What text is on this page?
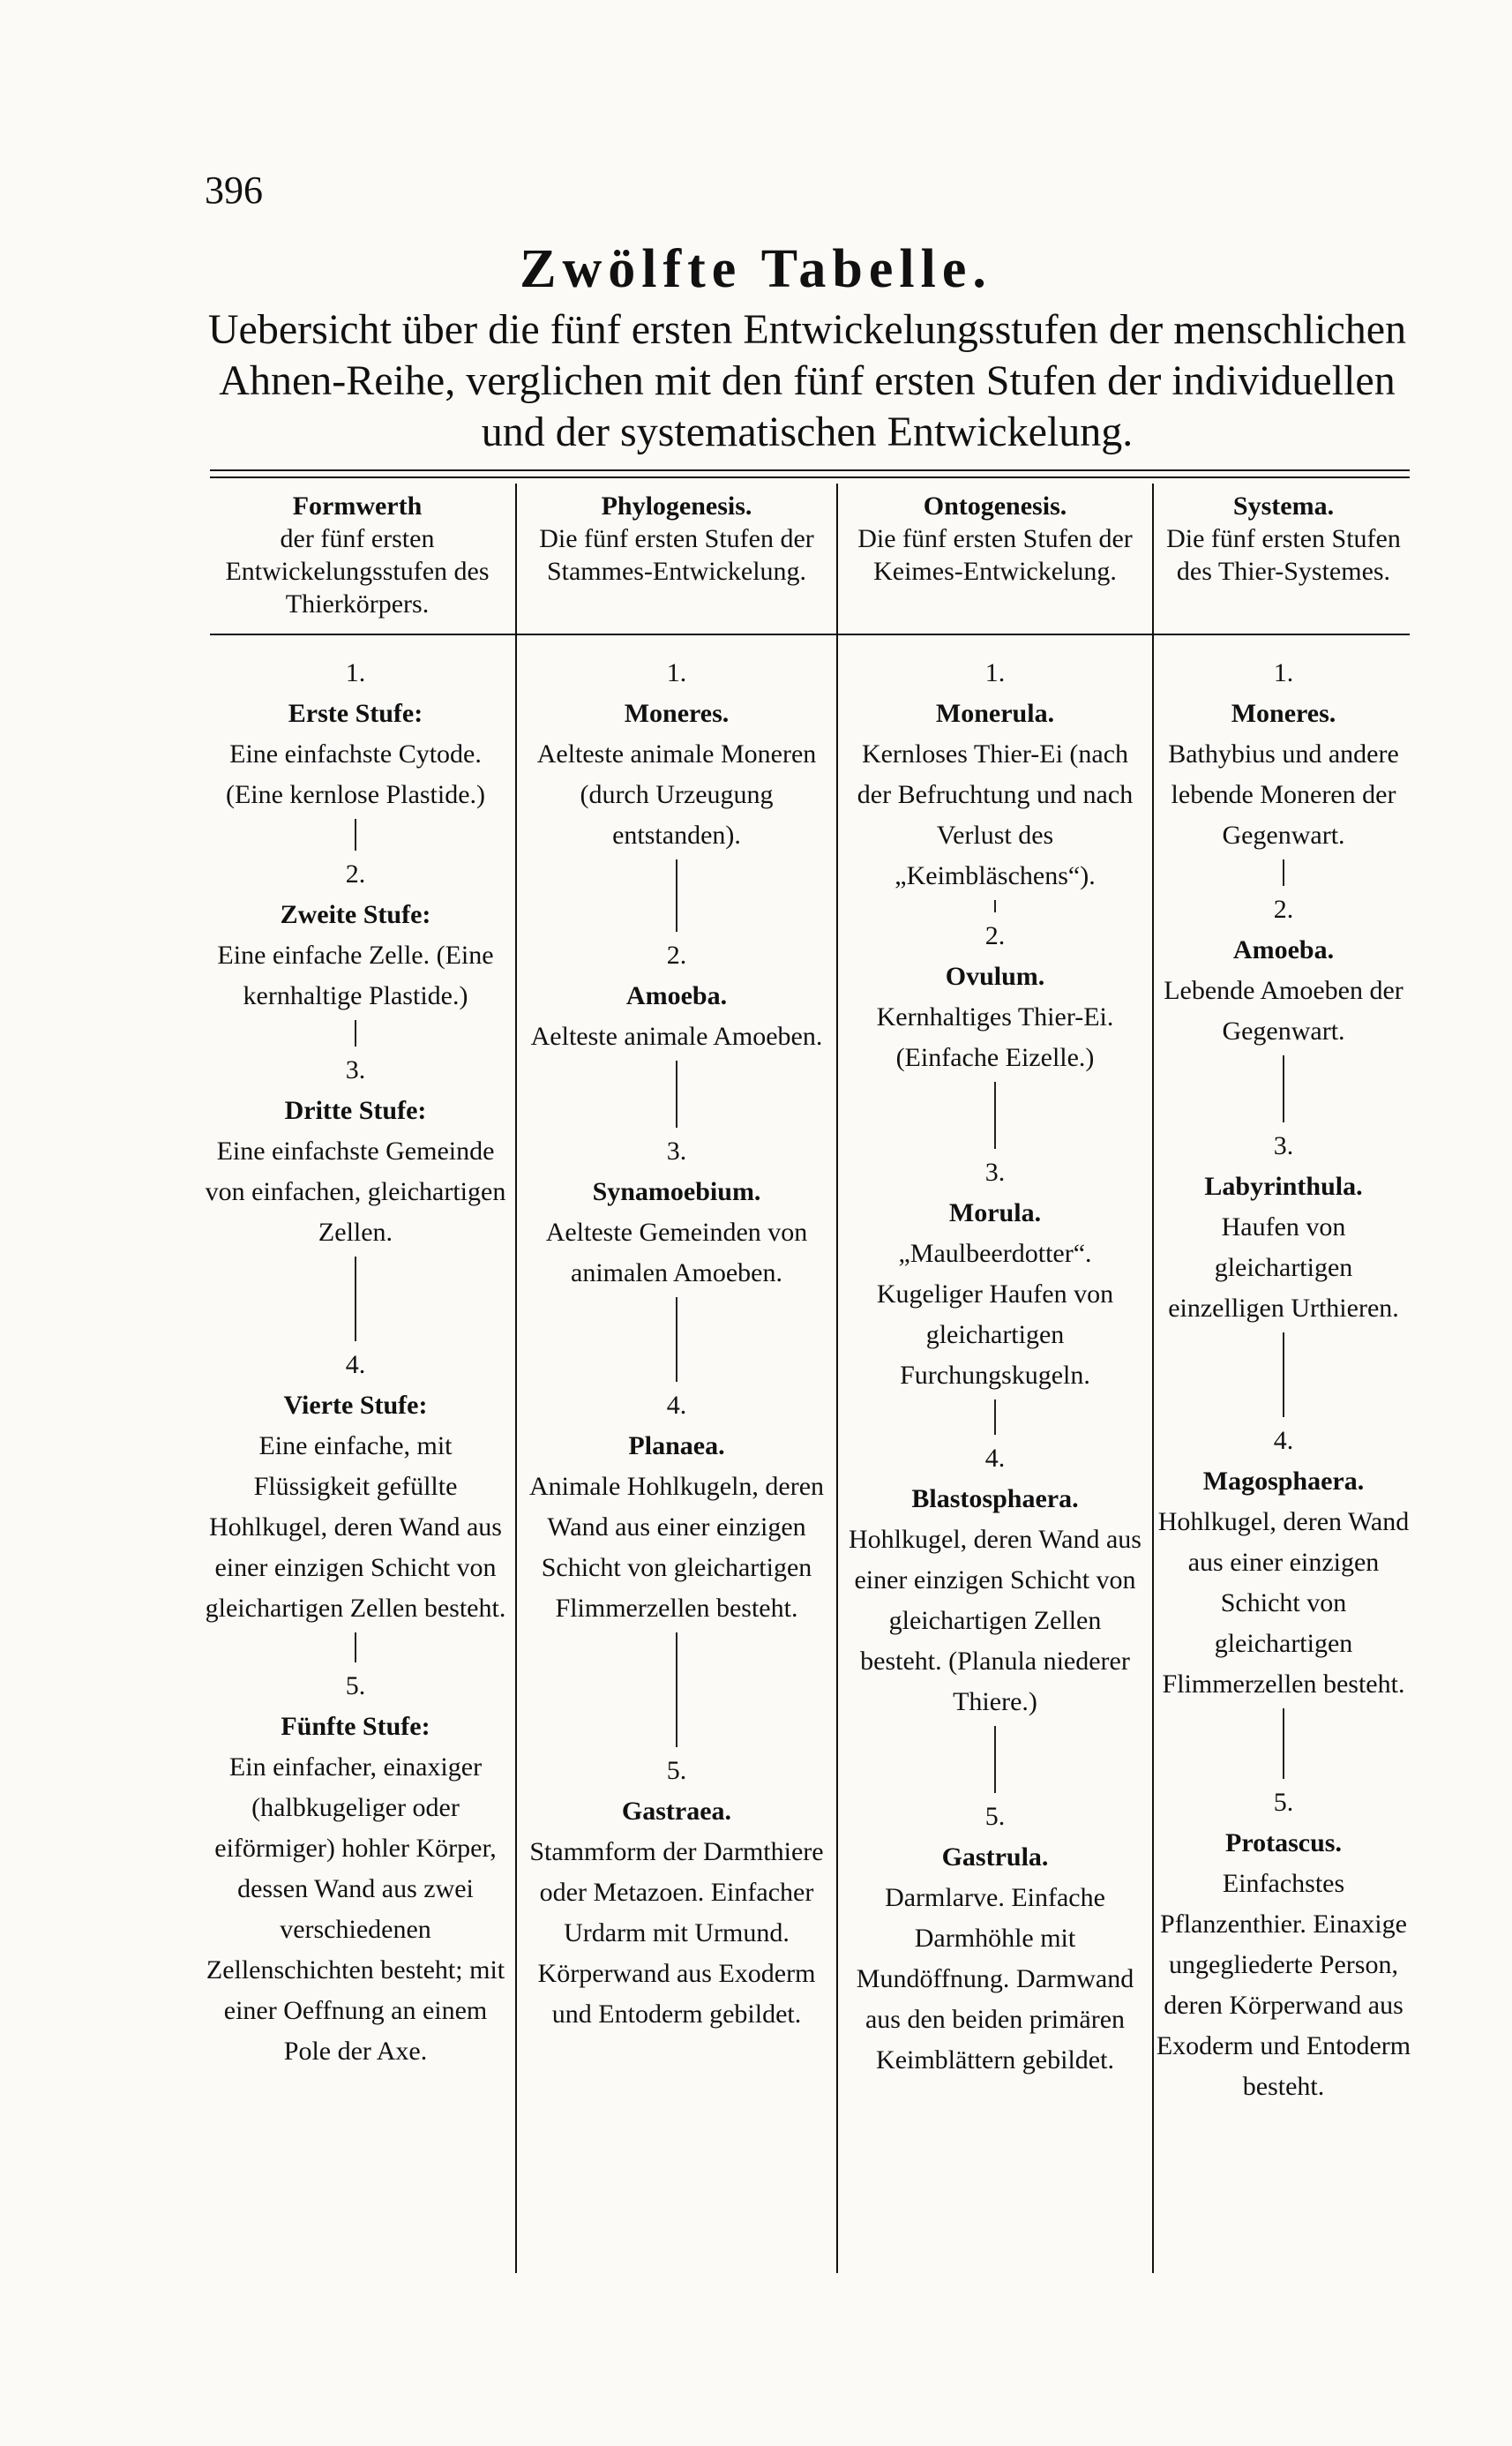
396
Zwölfte Tabelle.
Uebersicht über die fünf ersten Entwickelungsstufen der menschlichen Ahnen-Reihe, verglichen mit den fünf ersten Stufen der individuellen und der systematischen Entwickelung.
Formwerth
der fünf ersten Entwickelungsstufen des Thierkörpers.
Phylogenesis.
Die fünf ersten Stufen der Stammes-Entwickelung.
Ontogenesis.
Die fünf ersten Stufen der Keimes-Entwickelung.
Systema.
Die fünf ersten Stufen des Thier-Systemes.
1.
Erste Stufe:
Eine einfachste Cytode. (Eine kernlose Plastide.)
2.
Zweite Stufe:
Eine einfache Zelle. (Eine kernhaltige Plastide.)
3.
Dritte Stufe:
Eine einfachste Gemeinde von einfachen, gleichartigen Zellen.
4.
Vierte Stufe:
Eine einfache, mit Flüssigkeit gefüllte Hohlkugel, deren Wand aus einer einzigen Schicht von gleichartigen Zellen besteht.
5.
Fünfte Stufe:
Ein einfacher, einaxiger (halbkugeliger oder eiförmiger) hohler Körper, dessen Wand aus zwei verschiedenen Zellenschichten besteht; mit einer Oeffnung an einem Pole der Axe.
1.
Moneres.
Aelteste animale Moneren (durch Urzeugung entstanden).
2.
Amoeba.
Aelteste animale Amoeben.
3.
Synamoebium.
Aelteste Gemeinden von animalen Amoeben.
4.
Planaea.
Animale Hohlkugeln, deren Wand aus einer einzigen Schicht von gleichartigen Flimmerzellen besteht.
5.
Gastraea.
Stammform der Darmthiere oder Metazoen. Einfacher Urdarm mit Urmund. Körperwand aus Exoderm und Entoderm gebildet.
1.
Monerula.
Kernloses Thier-Ei (nach der Befruchtung und nach Verlust des „Keimbläschens“).
2.
Ovulum.
Kernhaltiges Thier-Ei. (Einfache Eizelle.)
3.
Morula.
„Maulbeerdotter“. Kugeliger Haufen von gleichartigen Furchungskugeln.
4.
Blastosphaera.
Hohlkugel, deren Wand aus einer einzigen Schicht von gleichartigen Zellen besteht. (Planula niederer Thiere.)
5.
Gastrula.
Darmlarve. Einfache Darmhöhle mit Mundöffnung. Darmwand aus den beiden primären Keimblättern gebildet.
1.
Moneres.
Bathybius und andere lebende Moneren der Gegenwart.
2.
Amoeba.
Lebende Amoeben der Gegenwart.
3.
Labyrinthula.
Haufen von gleichartigen einzelligen Urthieren.
4.
Magosphaera.
Hohlkugel, deren Wand aus einer einzigen Schicht von gleichartigen Flimmerzellen besteht.
5.
Protascus.
Einfachstes Pflanzenthier. Einaxige ungegliederte Person, deren Körperwand aus Exoderm und Entoderm besteht.
